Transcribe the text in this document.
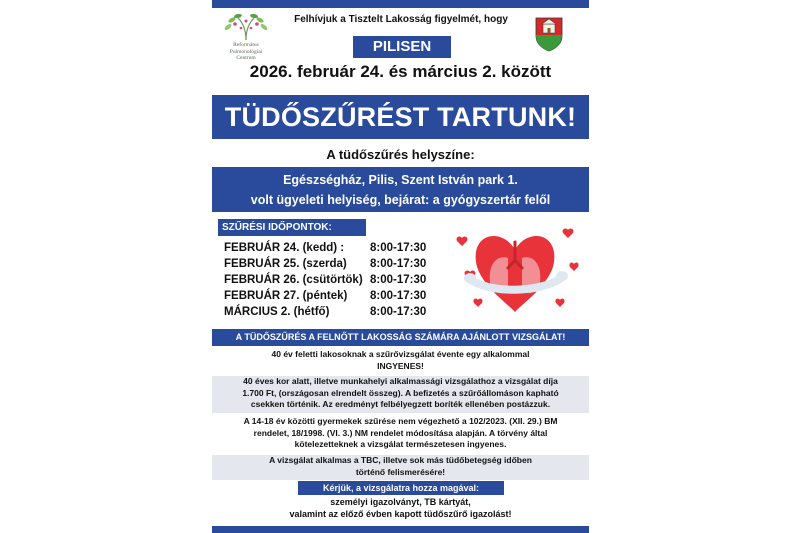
Református
Pulmonológiai
Centrum
Felhívjuk a Tisztelt Lakosság figyelmét, hogy
PILISEN
2026. február 24. és március 2. között
TÜDŐSZŰRÉST TARTUNK!
A tüdőszűrés helyszíne:
Egészségház, Pilis, Szent István park 1.
volt ügyeleti helyiség, bejárat: a gyógyszertár felől
SZŰRÉSI IDŐPONTOK:
FEBRUÁR 24. (kedd) : 8:00-17:30
FEBRUÁR 25. (szerda) 8:00-17:30
FEBRUÁR 26. (csütörtök) 8:00-17:30
FEBRUÁR 27. (péntek) 8:00-17:30
MÁRCIUS 2. (hétfő)	8:00-17:30
A TÜDŐSZŰRÉS A FELNŐTT LAKOSSÁG SZÁMÁRA AJÁNLOTT VIZSGÁLAT!
40 év feletti lakosoknak a szűrővizsgálat évente egy alkalommal
INGYENES!
40 éves kor alatt, illetve munkahelyi alkalmassági vizsgálathoz a vizsgálat díja
1.700 Ft, (országosan elrendelt összeg). A befizetés a szűrőállomáson kapható
csekken történik. Az eredményt felbélyegzett boríték ellenében postázzuk.
A 14-18 év közötti gyermekek szűrése nem végezhető a 102/2023. (XII. 29.) BM
rendelet, 18/1998. (VI. 3.) NM rendelet módosítása alapján. A törvény által
kötelezetteknek a vizsgálat természetesen ingyenes.
A vizsgálat alkalmas a TBC, illetve sok más tüdőbetegség időben
történő felismerésére!
Kérjük, a vizsgálatra hozza magával:
személyi igazolványt, TB kártyát,
valamint az előző évben kapott tüdőszűrő igazolást!
